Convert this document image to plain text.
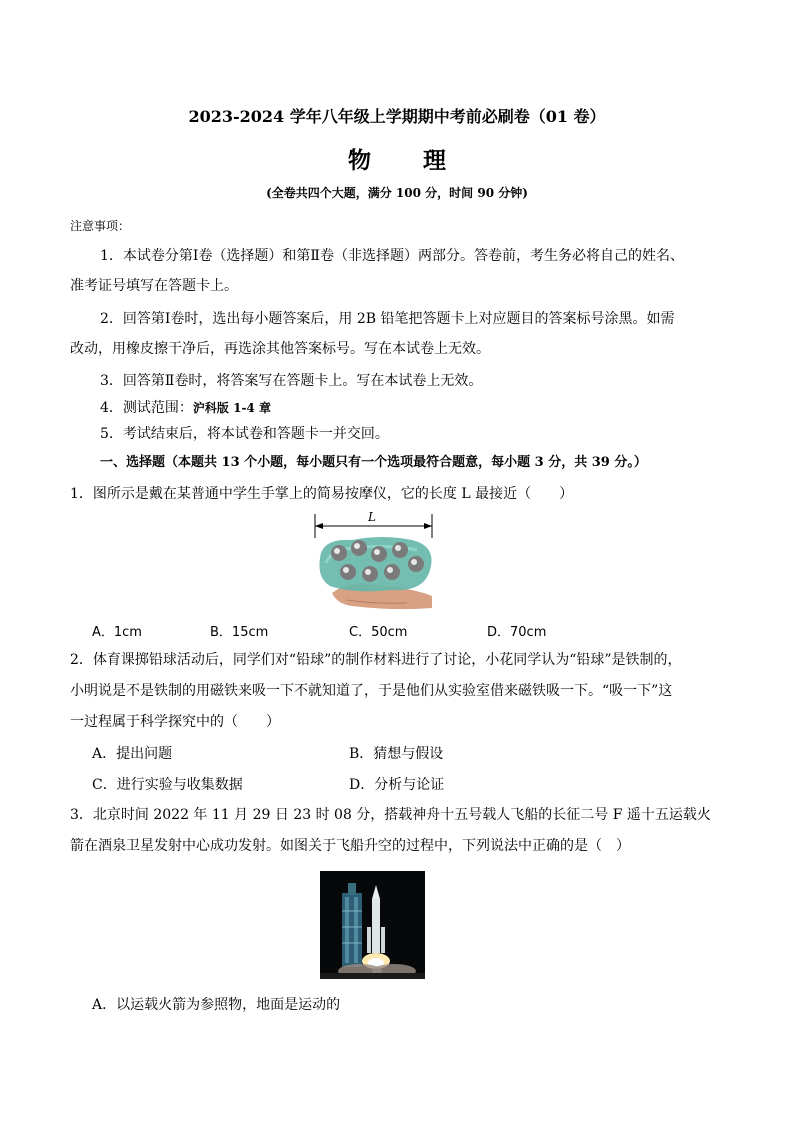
2023-2024 学年八年级上学期期中考前必刷卷（01 卷）
物 理
(全卷共四个大题，满分 100 分，时间 90 分钟)
注意事项：
1．本试卷分第Ⅰ卷（选择题）和第Ⅱ卷（非选择题）两部分。答卷前，考生务必将自己的姓名、
准考证号填写在答题卡上。
2．回答第Ⅰ卷时，选出每小题答案后，用 2B 铅笔把答题卡上对应题目的答案标号涂黑。如需
改动，用橡皮擦干净后，再选涂其他答案标号。写在本试卷上无效。
3．回答第Ⅱ卷时，将答案写在答题卡上。写在本试卷上无效。
4．测试范围：沪科版 1-4 章
5．考试结束后，将本试卷和答题卡一并交回。
一、选择题（本题共 13 个小题，每小题只有一个选项最符合题意，每小题 3 分，共 39 分。）
1．图所示是戴在某普通中学生手掌上的简易按摩仪，它的长度 L 最接近（　　）
L
A．1cm	B．15cm	C．50cm	D．70cm
2．体育课掷铅球活动后，同学们对“铅球”的制作材料进行了讨论，小花同学认为“铅球”是铁制的，
小明说是不是铁制的用磁铁来吸一下不就知道了，于是他们从实验室借来磁铁吸一下。“吸一下”这
一过程属于科学探究中的（　　）
A．提出问题	B．猜想与假设
C．进行实验与收集数据	D．分析与论证
3．北京时间 2022 年 11 月 29 日 23 时 08 分，搭载神舟十五号载人飞船的长征二号 F 遥十五运载火
箭在酒泉卫星发射中心成功发射。如图关于飞船升空的过程中，下列说法中正确的是（　）
A．以运载火箭为参照物，地面是运动的
